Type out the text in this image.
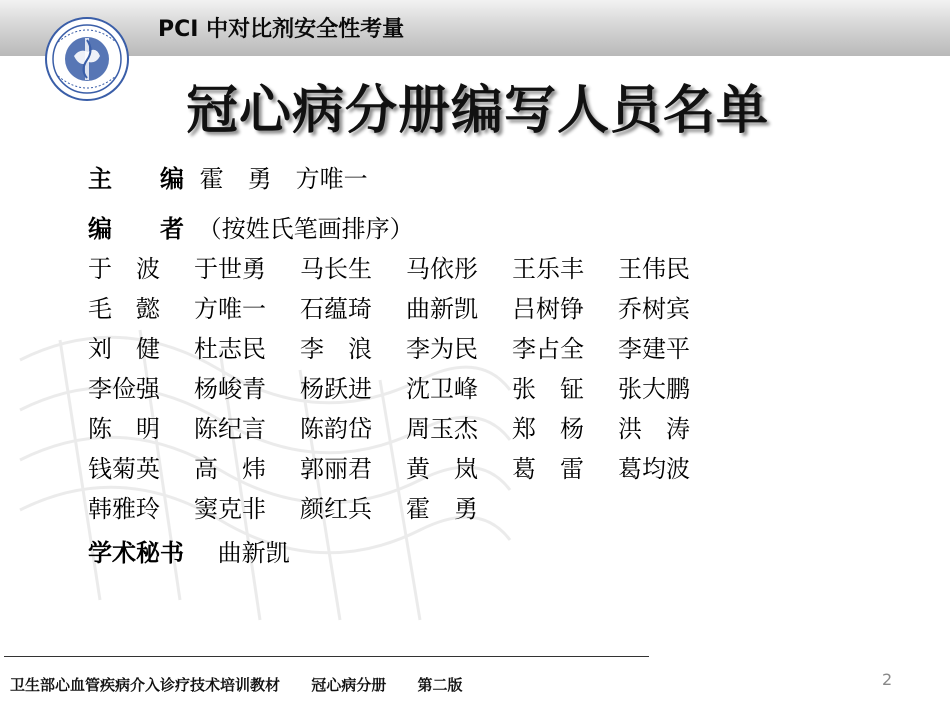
PCI 中对比剂安全性考量
冠心病分册编写人员名单
主　　编 霍　勇　方唯一
编　　者 （按姓氏笔画排序）
于　波 于世勇 马长生 马依彤 王乐丰 王伟民
毛　懿 方唯一 石蕴琦 曲新凯 吕树铮 乔树宾
刘　健 杜志民 李　浪 李为民 李占全 李建平
李俭强 杨峻青 杨跃进 沈卫峰 张　钲 张大鹏
陈　明 陈纪言 陈韵岱 周玉杰 郑　杨 洪　涛
钱菊英 高　炜 郭丽君 黄　岚 葛　雷 葛均波
韩雅玲 窦克非 颜红兵 霍　勇
学术秘书 曲新凯
卫生部心血管疾病介入诊疗技术培训教材 冠心病分册 第二版	2
